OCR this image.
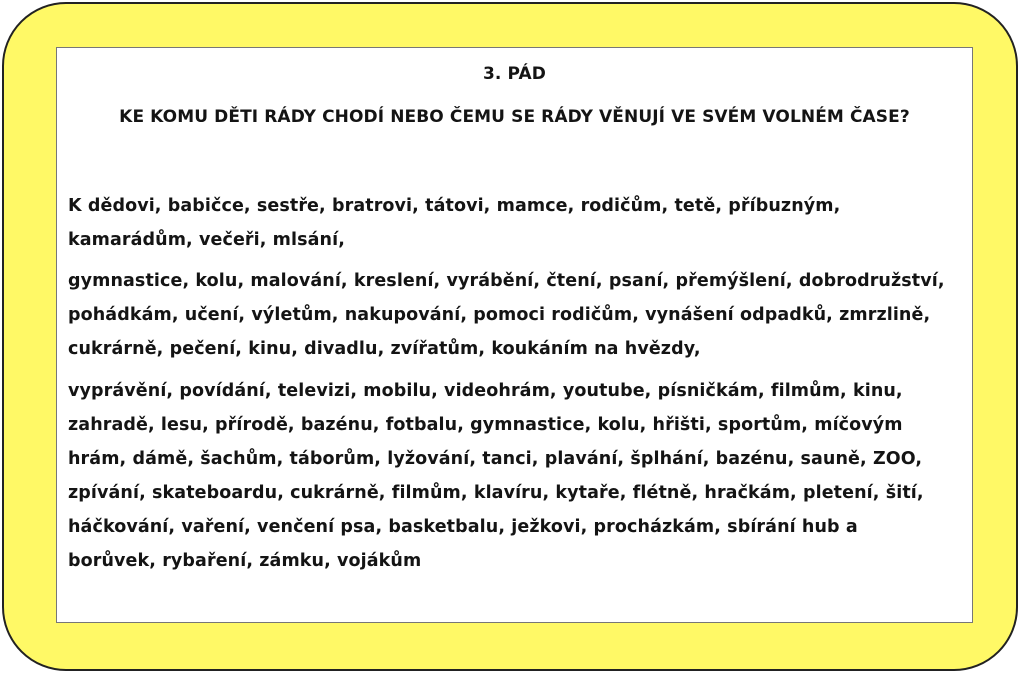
3. PÁD

KE KOMU DĚTI RÁDY CHODÍ NEBO ČEMU SE RÁDY VĚNUJÍ VE SVÉM VOLNÉM ČASE?

K dědovi, babičce, sestře, bratrovi, tátovi, mamce, rodičům, tetě, příbuzným, kamarádům, večeři, mlsání,

gymnastice, kolu, malování, kreslení, vyrábění, čtení, psaní, přemýšlení, dobrodružství, pohádkám, učení, výletům, nakupování, pomoci rodičům, vynášení odpadků, zmrzlině, cukrárně, pečení, kinu, divadlu, zvířatům, koukáním na hvězdy,

vyprávění, povídání, televizi, mobilu, videohrám, youtube, písničkám, filmům, kinu, zahradě, lesu, přírodě, bazénu, fotbalu, gymnastice, kolu, hřišti, sportům, míčovým hrám, dámě, šachům, táborům, lyžování, tanci, plavání, šplhání, bazénu, sauně, ZOO, zpívání, skateboardu, cukrárně, filmům, klavíru, kytaře, flétně, hračkám, pletení, šití, háčkování, vaření, venčení psa, basketbalu, ježkovi, procházkám, sbírání hub a borůvek, rybaření, zámku, vojákům
